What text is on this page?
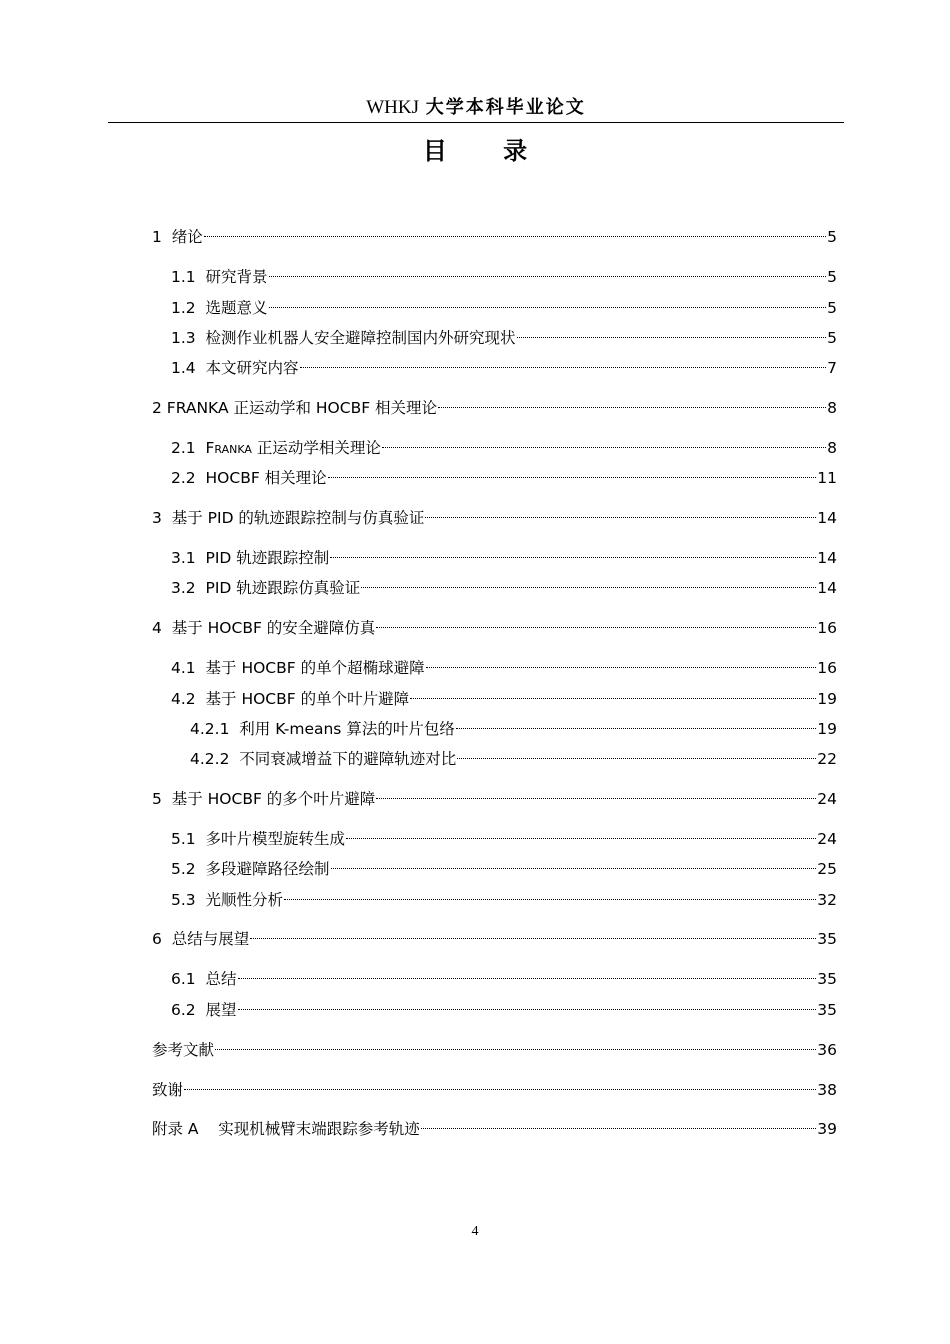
WHKJ 大学本科毕业论文
目 录
1 绪论	5
1.1 研究背景	5
1.2 选题意义	5
1.3 检测作业机器人安全避障控制国内外研究现状	5
1.4 本文研究内容	7
2 FRANKA 正运动学和 HOCBF 相关理论	8
2.1 Franka 正运动学相关理论	8
2.2 HOCBF 相关理论	11
3 基于 PID 的轨迹跟踪控制与仿真验证	14
3.1 PID 轨迹跟踪控制	14
3.2 PID 轨迹跟踪仿真验证	14
4 基于 HOCBF 的安全避障仿真	16
4.1 基于 HOCBF 的单个超椭球避障	16
4.2 基于 HOCBF 的单个叶片避障	19
4.2.1 利用 K-means 算法的叶片包络	19
4.2.2 不同衰减增益下的避障轨迹对比	22
5 基于 HOCBF 的多个叶片避障	24
5.1 多叶片模型旋转生成	24
5.2 多段避障路径绘制	25
5.3 光顺性分析	32
6 总结与展望	35
6.1 总结	35
6.2 展望	35
参考文献	36
致谢	38
附录 A    实现机械臂末端跟踪参考轨迹	39
4
